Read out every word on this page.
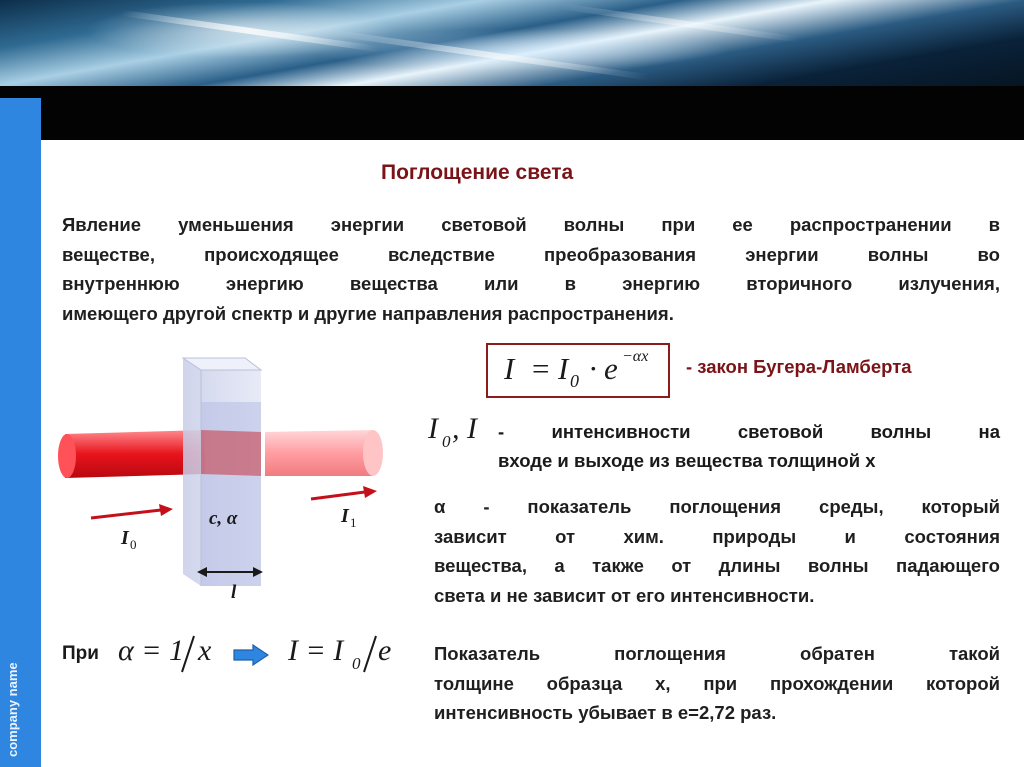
company name
Поглощение света
Явление уменьшения энергии световой волны при ее распространении в
веществе, происходящее вследствие преобразования энергии волны во
внутреннюю энергию вещества или в энергию вторичного излучения,
имеющего другой спектр и другие направления распространения.
I = I 0 · e −αx - закон Бугера-Ламберта
I 0 , I - интенсивности световой волны на
входе и выходе из вещества толщиной x
α - показатель поглощения среды, который
зависит от хим. природы и состояния
вещества, а также от длины волны падающего
света и не зависит от его интенсивности.
При α = 1 x	I = I 0 e Показатель поглощения обратен такой
толщине образца x, при прохождении которой
интенсивность убывает в е=2,72 раз.
I 0
I 1
c, α
l
